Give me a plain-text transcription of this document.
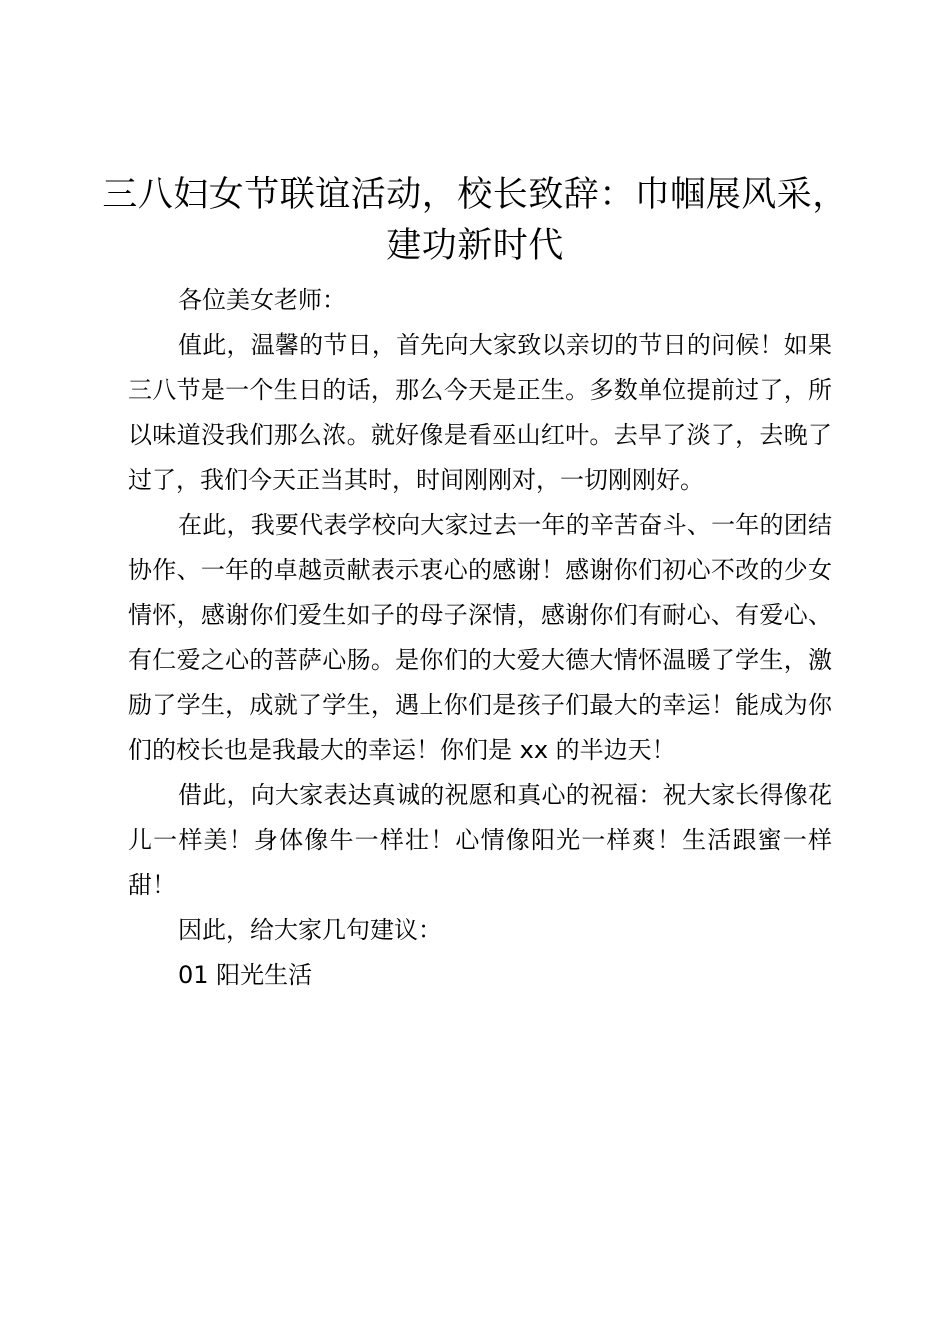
三八妇女节联谊活动，校长致辞：巾帼展风采，建功新时代

各位美女老师：

值此，温馨的节日，首先向大家致以亲切的节日的问候！如果三八节是一个生日的话，那么今天是正生。多数单位提前过了，所以味道没我们那么浓。就好像是看巫山红叶。去早了淡了，去晚了过了，我们今天正当其时，时间刚刚对，一切刚刚好。

在此，我要代表学校向大家过去一年的辛苦奋斗、一年的团结协作、一年的卓越贡献表示衷心的感谢！感谢你们初心不改的少女情怀，感谢你们爱生如子的母子深情，感谢你们有耐心、有爱心、有仁爱之心的菩萨心肠。是你们的大爱大德大情怀温暖了学生，激励了学生，成就了学生，遇上你们是孩子们最大的幸运！能成为你们的校长也是我最大的幸运！你们是 xx 的半边天！

借此，向大家表达真诚的祝愿和真心的祝福：祝大家长得像花儿一样美！身体像牛一样壮！心情像阳光一样爽！生活跟蜜一样甜！

因此，给大家几句建议：

01 阳光生活
